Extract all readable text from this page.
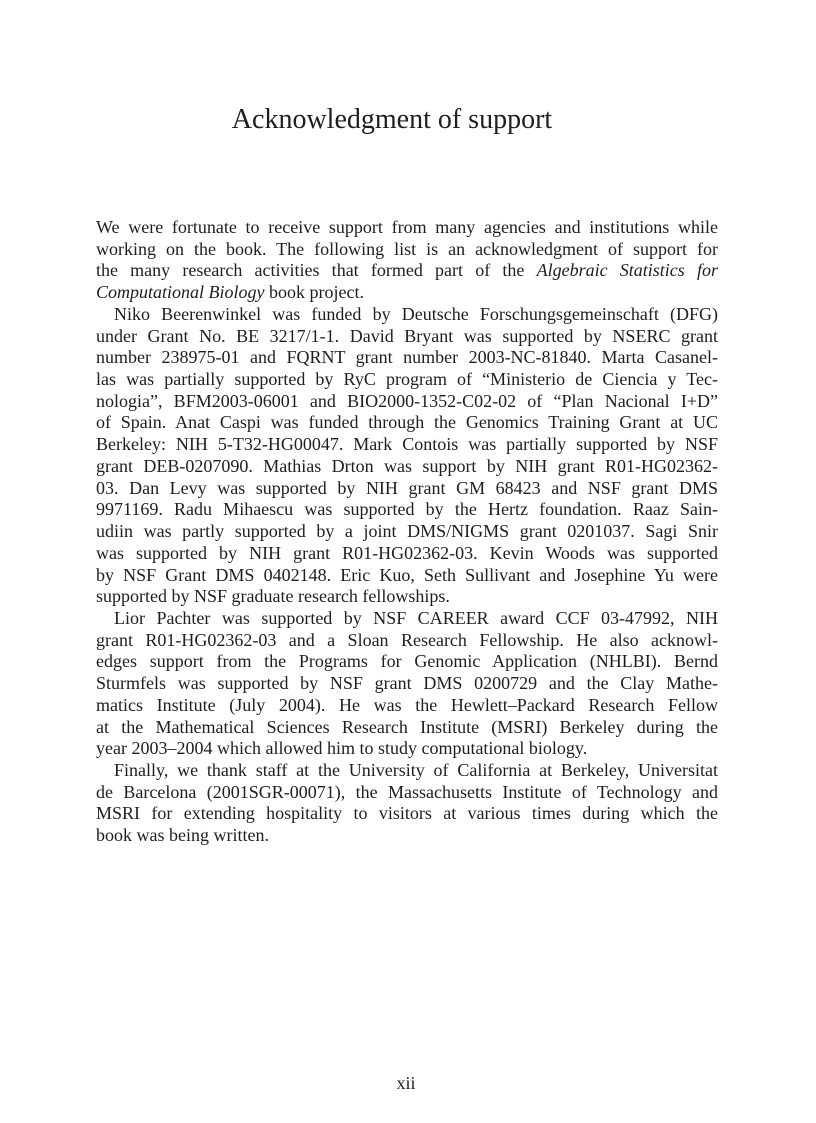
Acknowledgment of support
We were fortunate to receive support from many agencies and institutions while
working on the book. The following list is an acknowledgment of support for
the many research activities that formed part of the Algebraic Statistics for
Computational Biology book project.
Niko Beerenwinkel was funded by Deutsche Forschungsgemeinschaft (DFG)
under Grant No. BE 3217/1-1. David Bryant was supported by NSERC grant
number 238975-01 and FQRNT grant number 2003-NC-81840. Marta Casanel-
las was partially supported by RyC program of “Ministerio de Ciencia y Tec-
nologia”, BFM2003-06001 and BIO2000-1352-C02-02 of “Plan Nacional I+D”
of Spain. Anat Caspi was funded through the Genomics Training Grant at UC
Berkeley: NIH 5-T32-HG00047. Mark Contois was partially supported by NSF
grant DEB-0207090. Mathias Drton was support by NIH grant R01-HG02362-
03. Dan Levy was supported by NIH grant GM 68423 and NSF grant DMS
9971169. Radu Mihaescu was supported by the Hertz foundation. Raaz Sain-
udiin was partly supported by a joint DMS/NIGMS grant 0201037. Sagi Snir
was supported by NIH grant R01-HG02362-03. Kevin Woods was supported
by NSF Grant DMS 0402148. Eric Kuo, Seth Sullivant and Josephine Yu were
supported by NSF graduate research fellowships.
Lior Pachter was supported by NSF CAREER award CCF 03-47992, NIH
grant R01-HG02362-03 and a Sloan Research Fellowship. He also acknowl-
edges support from the Programs for Genomic Application (NHLBI). Bernd
Sturmfels was supported by NSF grant DMS 0200729 and the Clay Mathe-
matics Institute (July 2004). He was the Hewlett–Packard Research Fellow
at the Mathematical Sciences Research Institute (MSRI) Berkeley during the
year 2003–2004 which allowed him to study computational biology.
Finally, we thank staff at the University of California at Berkeley, Universitat
de Barcelona (2001SGR-00071), the Massachusetts Institute of Technology and
MSRI for extending hospitality to visitors at various times during which the
book was being written.
xii
